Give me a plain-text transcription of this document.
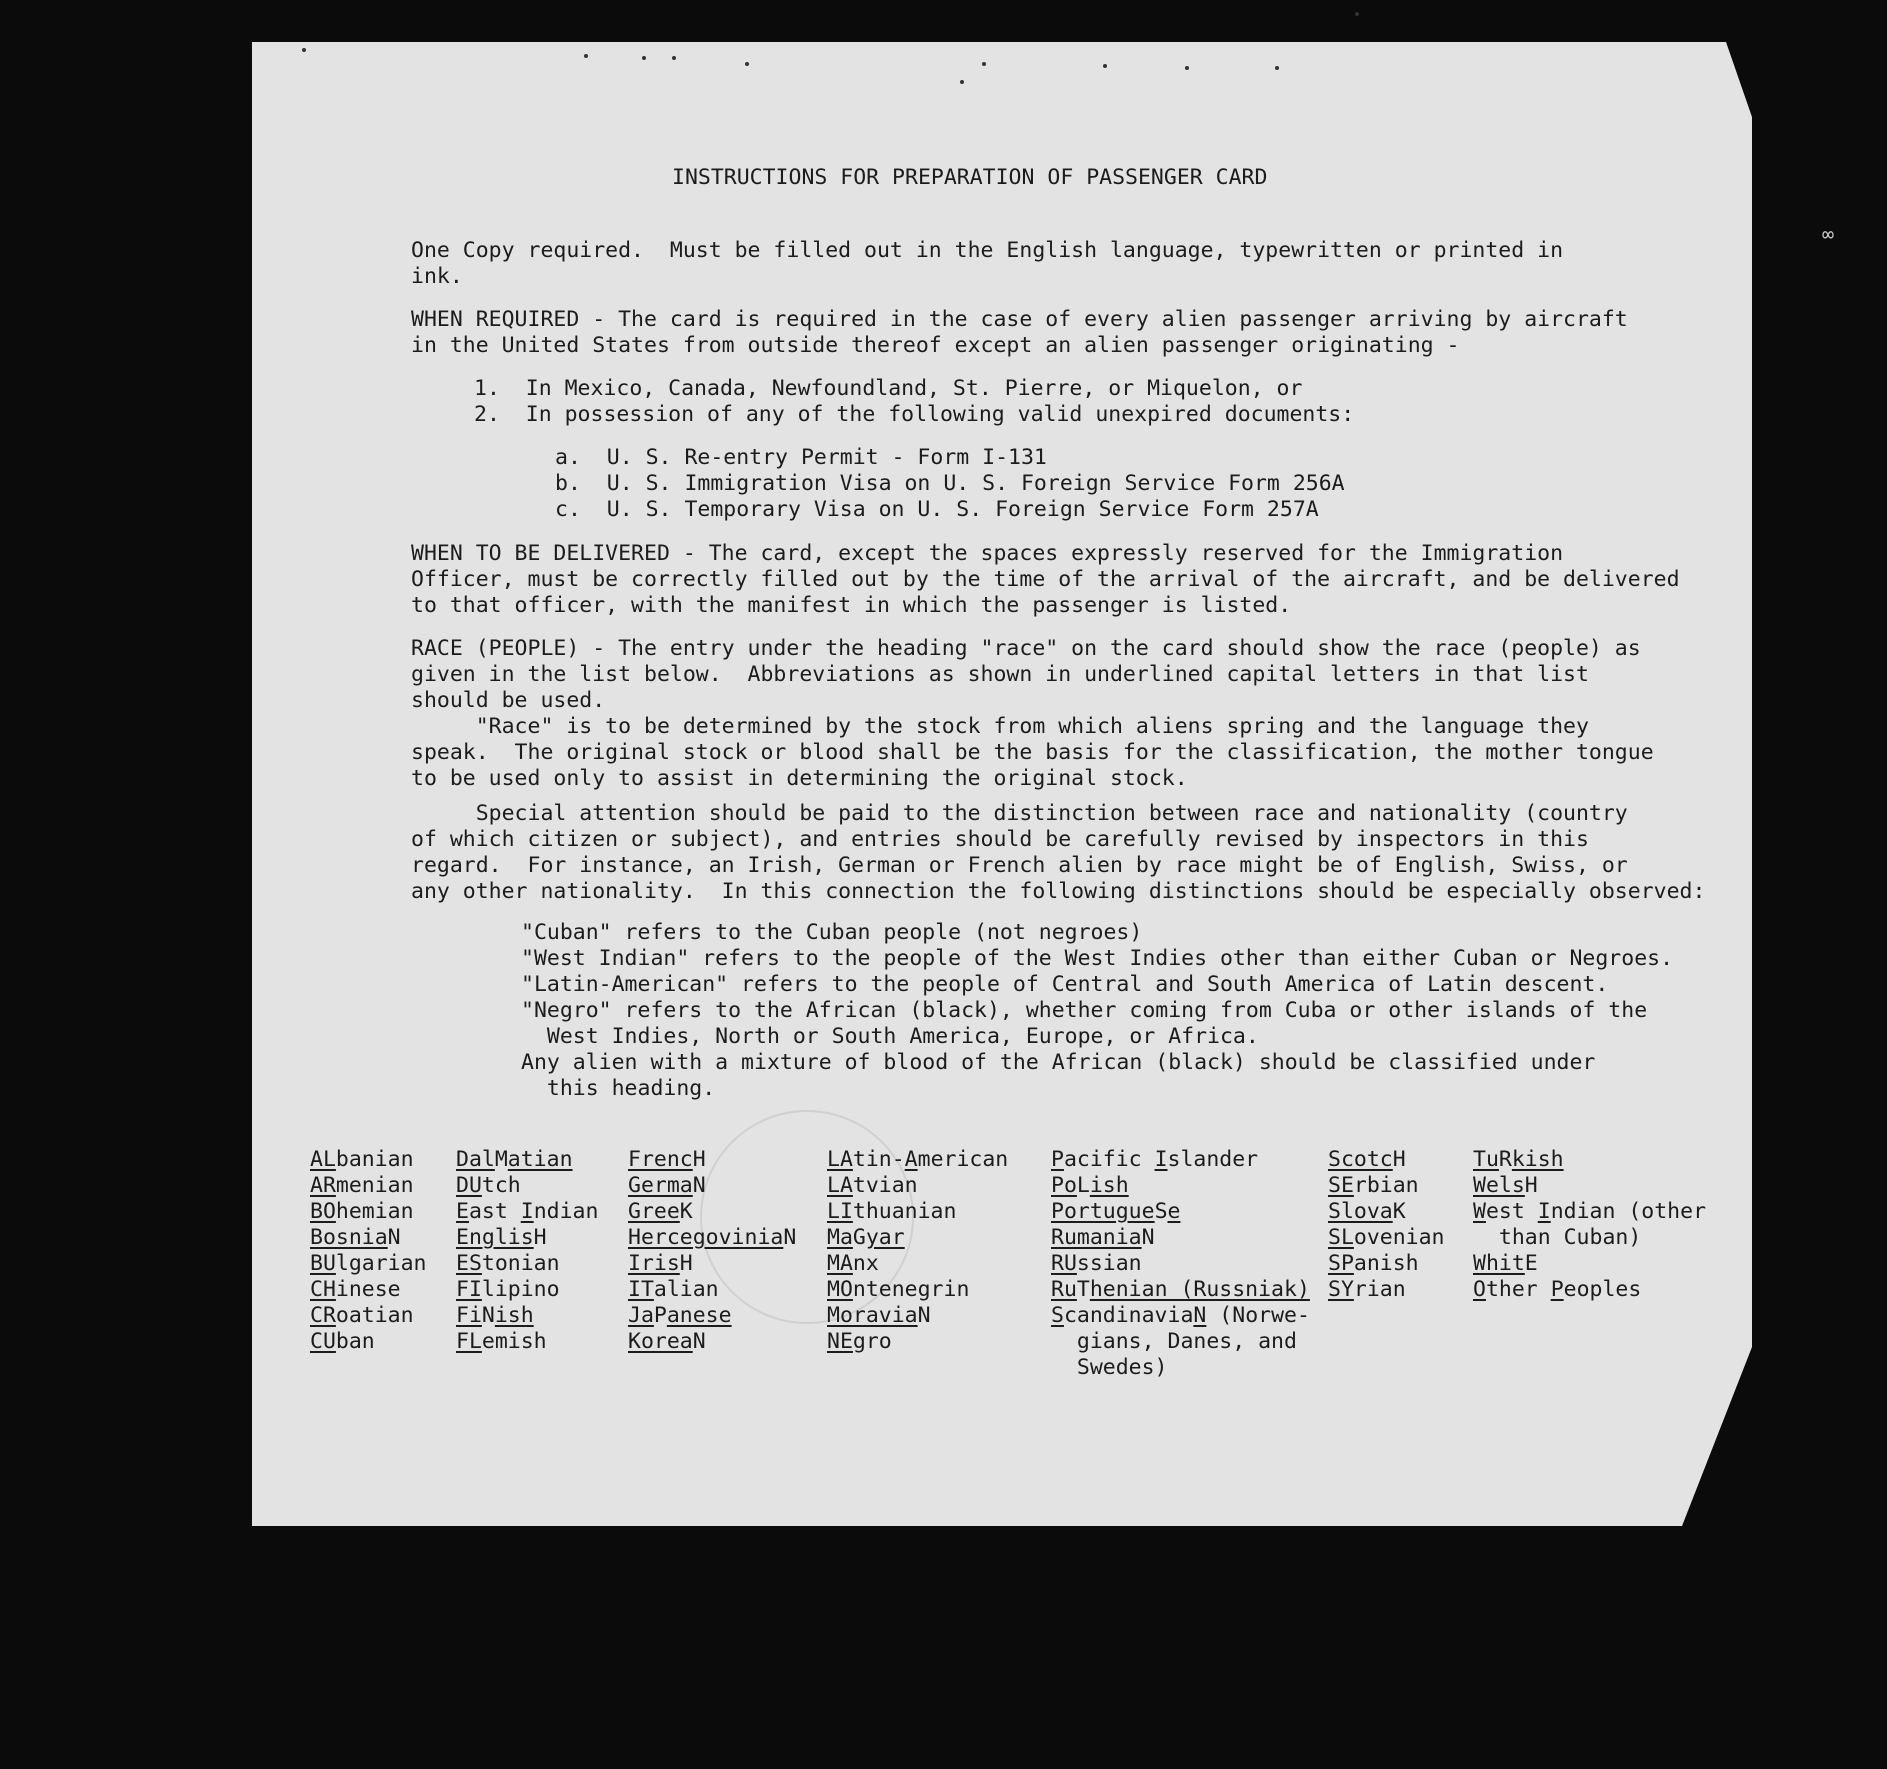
∞
INSTRUCTIONS FOR PREPARATION OF PASSENGER CARD
One Copy required.  Must be filled out in the English language, typewritten or printed in
ink.
WHEN REQUIRED - The card is required in the case of every alien passenger arriving by aircraft
in the United States from outside thereof except an alien passenger originating -
1.  In Mexico, Canada, Newfoundland, St. Pierre, or Miquelon, or
2.  In possession of any of the following valid unexpired documents:
a.  U. S. Re-entry Permit - Form I-131
b.  U. S. Immigration Visa on U. S. Foreign Service Form 256A
c.  U. S. Temporary Visa on U. S. Foreign Service Form 257A
WHEN TO BE DELIVERED - The card, except the spaces expressly reserved for the Immigration
Officer, must be correctly filled out by the time of the arrival of the aircraft, and be delivered
to that officer, with the manifest in which the passenger is listed.
RACE (PEOPLE) - The entry under the heading "race" on the card should show the race (people) as
given in the list below.  Abbreviations as shown in underlined capital letters in that list
should be used.
"Race" is to be determined by the stock from which aliens spring and the language they
speak.  The original stock or blood shall be the basis for the classification, the mother tongue
to be used only to assist in determining the original stock.
Special attention should be paid to the distinction between race and nationality (country
of which citizen or subject), and entries should be carefully revised by inspectors in this
regard.  For instance, an Irish, German or French alien by race might be of English, Swiss, or
any other nationality.  In this connection the following distinctions should be especially observed:
"Cuban" refers to the Cuban people (not negroes)
"West Indian" refers to the people of the West Indies other than either Cuban or Negroes.
"Latin-American" refers to the people of Central and South America of Latin descent.
"Negro" refers to the African (black), whether coming from Cuba or other islands of the
West Indies, North or South America, Europe, or Africa.
Any alien with a mixture of blood of the African (black) should be classified under
this heading.
ALbanian
ARmenian
BOhemian
BosniaN
BUlgarian
CHinese
CRoatian
CUban
DalMatian
DUtch
East Indian
EnglisH
EStonian
FIlipino
FiNish
FLemish
FrencH
GermaN
GreeK
HercegoviniaN
IrisH
ITalian
JaPanese
KoreaN
LAtin-American
LAtvian
LIthuanian
MaGyar
MAnx
MOntenegrin
MoraviaN
NEgro
Pacific Islander
PoLish
PortugueSe
RumaniaN
RUssian
RuThenian (Russniak)
ScandinaviaN (Norwe-
gians, Danes, and
Swedes)
ScotcH
SErbian
SlovaK
SLovenian
SPanish
SYrian
TuRkish
WelsH
West Indian (other
than Cuban)
WhitE
Other Peoples
